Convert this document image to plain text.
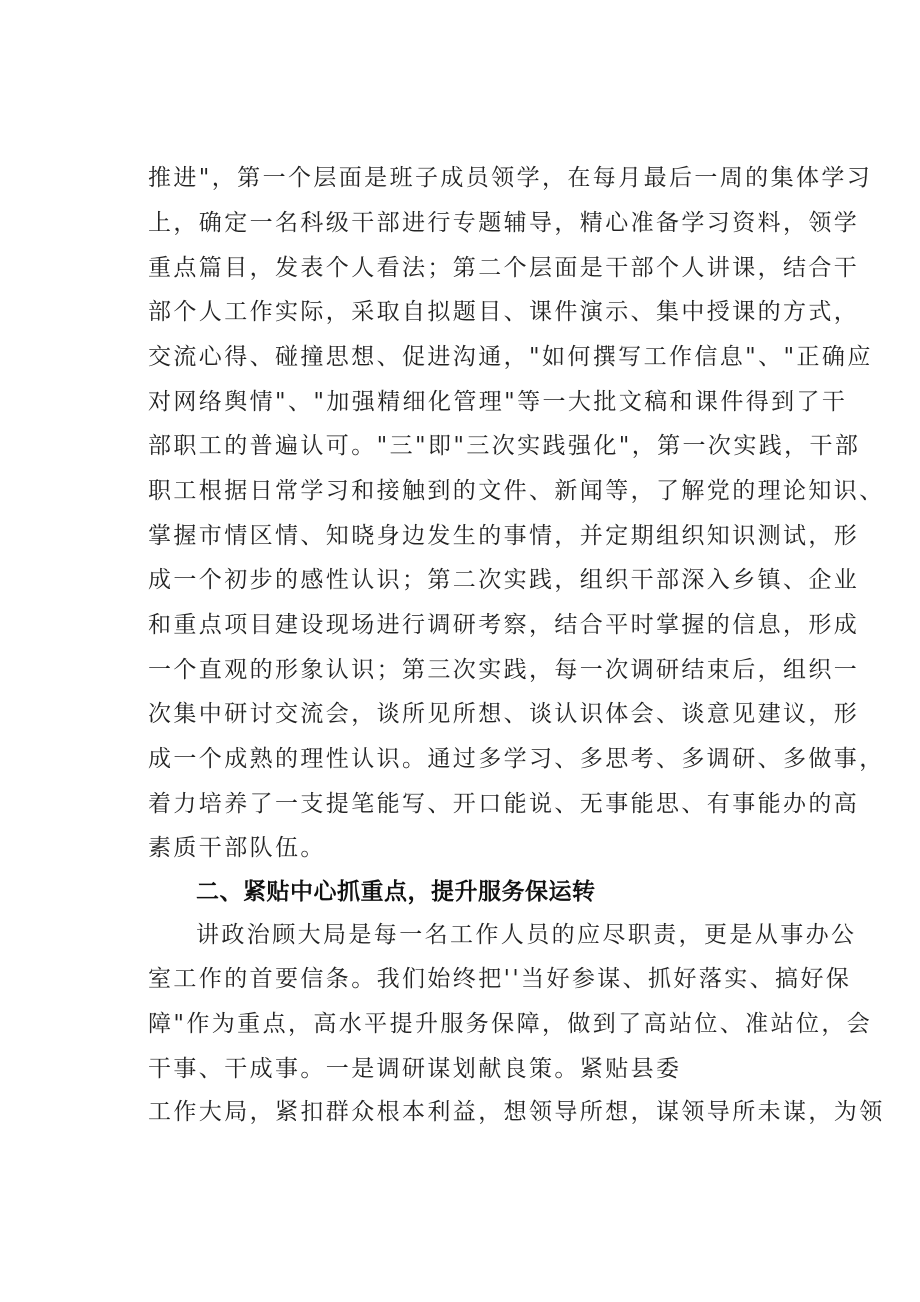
推进"，第一个层面是班子成员领学，在每月最后一周的集体学习
上，确定一名科级干部进行专题辅导，精心准备学习资料，领学
重点篇目，发表个人看法；第二个层面是干部个人讲课，结合干
部个人工作实际，采取自拟题目、课件演示、集中授课的方式，
交流心得、碰撞思想、促进沟通，"如何撰写工作信息"、"正确应
对网络舆情"、"加强精细化管理"等一大批文稿和课件得到了干
部职工的普遍认可。"三"即"三次实践强化"，第一次实践，干部
职工根据日常学习和接触到的文件、新闻等，了解党的理论知识、
掌握市情区情、知晓身边发生的事情，并定期组织知识测试，形
成一个初步的感性认识；第二次实践，组织干部深入乡镇、企业
和重点项目建设现场进行调研考察，结合平时掌握的信息，形成
一个直观的形象认识；第三次实践，每一次调研结束后，组织一
次集中研讨交流会，谈所见所想、谈认识体会、谈意见建议，形
成一个成熟的理性认识。通过多学习、多思考、多调研、多做事，
着力培养了一支提笔能写、开口能说、无事能思、有事能办的高
素质干部队伍。
二、紧贴中心抓重点，提升服务保运转
讲政治顾大局是每一名工作人员的应尽职责，更是从事办公
室工作的首要信条。我们始终把''当好参谋、抓好落实、搞好保
障"作为重点，高水平提升服务保障，做到了高站位、准站位，会
干事、干成事。一是调研谋划献良策。紧贴县委
工作大局，紧扣群众根本利益，想领导所想，谋领导所未谋，为领
